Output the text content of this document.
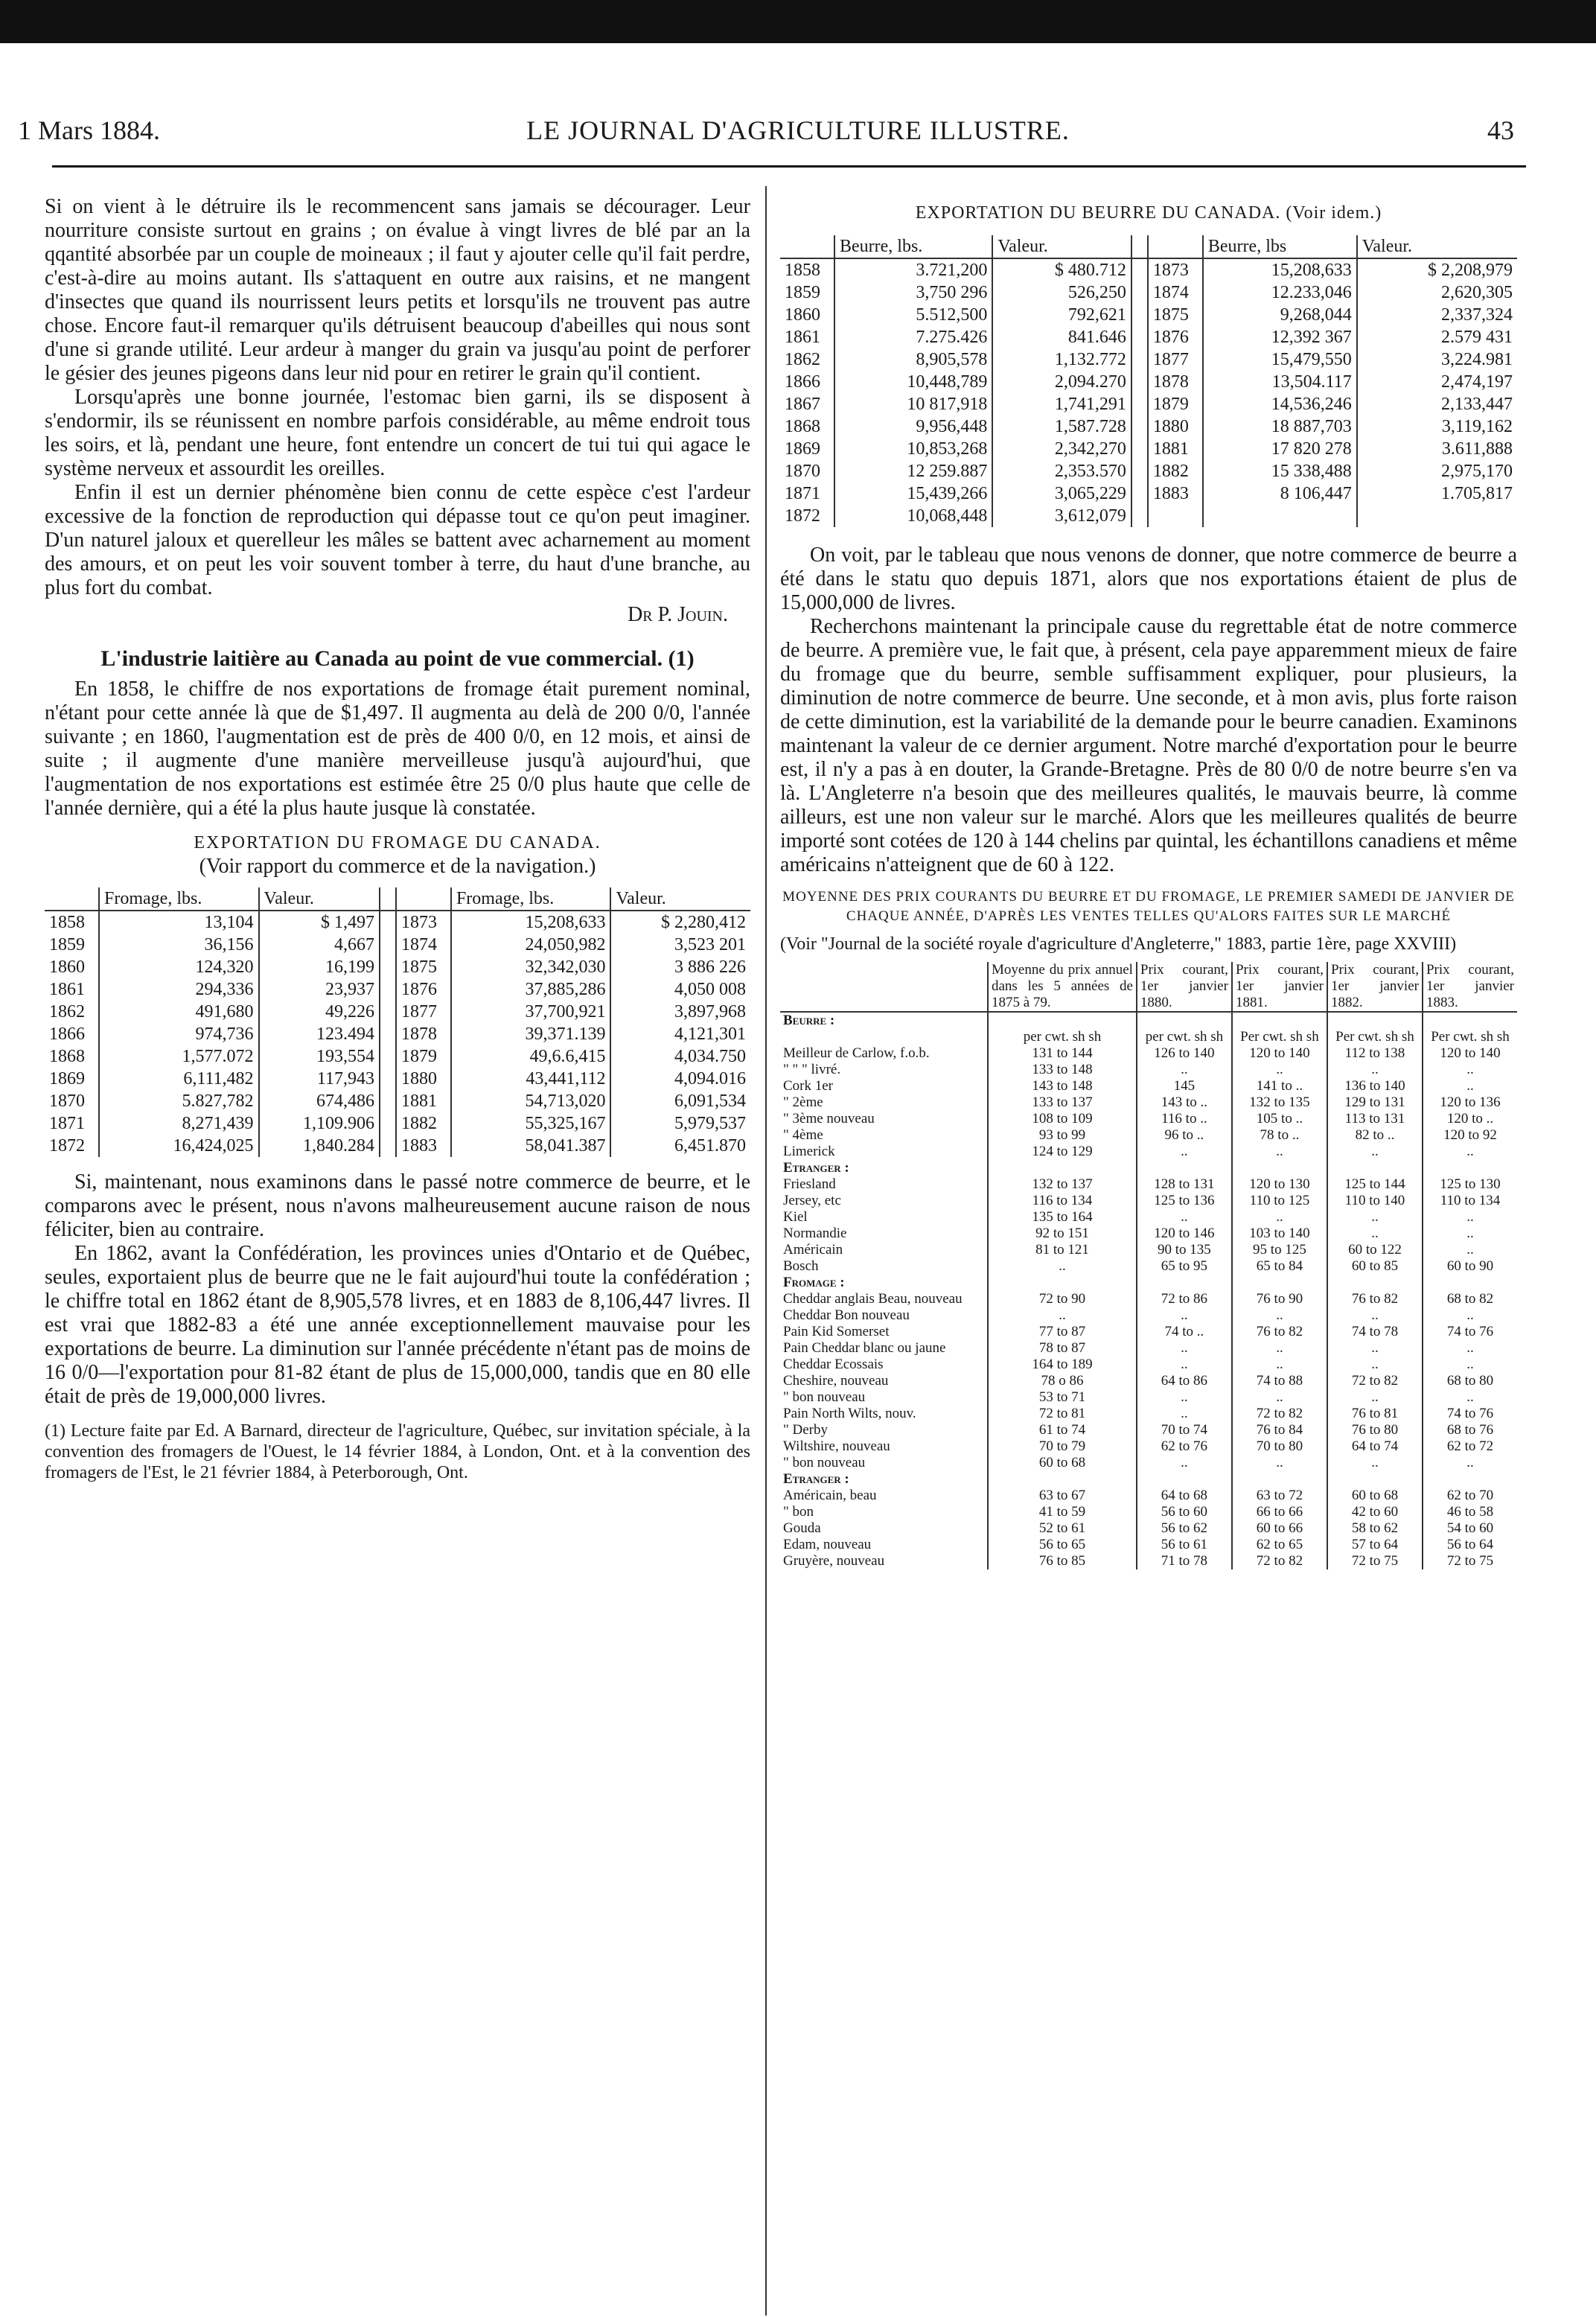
1 Mars 1884.	LE JOURNAL D'AGRICULTURE ILLUSTRE.	43

Si on vient à le détruire ils le recommencent sans jamais se décourager. Leur nourriture consiste surtout en grains ; on évalue à vingt livres de blé par an la qqantité absorbée par un couple de moineaux ; il faut y ajouter celle qu'il fait perdre, c'est-à-dire au moins autant. Ils s'attaquent en outre aux raisins, et ne mangent d'insectes que quand ils nourrissent leurs petits et lorsqu'ils ne trouvent pas autre chose. Encore faut-il remarquer qu'ils détruisent beaucoup d'abeilles qui nous sont d'une si grande utilité. Leur ardeur à manger du grain va jusqu'au point de perforer le gésier des jeunes pigeons dans leur nid pour en retirer le grain qu'il contient.

Lorsqu'après une bonne journée, l'estomac bien garni, ils se disposent à s'endormir, ils se réunissent en nombre parfois considérable, au même endroit tous les soirs, et là, pendant une heure, font entendre un concert de tui tui qui agace le système nerveux et assourdit les oreilles.

Enfin il est un dernier phénomène bien connu de cette espèce c'est l'ardeur excessive de la fonction de reproduction qui dépasse tout ce qu'on peut imaginer. D'un naturel jaloux et querelleur les mâles se battent avec acharnement au moment des amours, et on peut les voir souvent tomber à terre, du haut d'une branche, au plus fort du combat.

Dr P. Jouin.
L'industrie laitière au Canada au point de vue commercial. (1)

En 1858, le chiffre de nos exportations de fromage était purement nominal, n'étant pour cette année là que de $1,497. Il augmenta au delà de 200 0/0, l'année suivante ; en 1860, l'augmentation est de près de 400 0/0, en 12 mois, et ainsi de suite ; il augmente d'une manière merveilleuse jusqu'à aujourd'hui, que l'augmentation de nos exportations est estimée être 25 0/0 plus haute que celle de l'année dernière, qui a été la plus haute jusque là constatée.

EXPORTATION DU FROMAGE DU CANADA.
(Voir rapport du commerce et de la navigation.)
	Fromage, lbs.	Valeur.			Fromage, lbs.	Valeur.
1858	13,104	$ 1,497		1873	15,208,633	$ 2,280,412
1859	36,156	4,667		1874	24,050,982	3,523 201
1860	124,320	16,199		1875	32,342,030	3 886 226
1861	294,336	23,937		1876	37,885,286	4,050 008
1862	491,680	49,226		1877	37,700,921	3,897,968
1866	974,736	123.494		1878	39,371.139	4,121,301
1868	1,577.072	193,554		1879	49,6.6,415	4,034.750
1869	6,111,482	117,943		1880	43,441,112	4,094.016
1870	5.827,782	674,486		1881	54,713,020	6,091,534
1871	8,271,439	1,109.906		1882	55,325,167	5,979,537
1872	16,424,025	1,840.284		1883	58,041.387	6,451.870

Si, maintenant, nous examinons dans le passé notre commerce de beurre, et le comparons avec le présent, nous n'avons malheureusement aucune raison de nous féliciter, bien au contraire.

En 1862, avant la Confédération, les provinces unies d'Ontario et de Québec, seules, exportaient plus de beurre que ne le fait aujourd'hui toute la confédération ; le chiffre total en 1862 étant de 8,905,578 livres, et en 1883 de 8,106,447 livres. Il est vrai que 1882-83 a été une année exceptionnellement mauvaise pour les exportations de beurre. La diminution sur l'année précédente n'étant pas de moins de 16 0/0—l'exportation pour 81-82 étant de plus de 15,000,000, tandis que en 80 elle était de près de 19,000,000 livres.

(1) Lecture faite par Ed. A Barnard, directeur de l'agriculture, Québec, sur invitation spéciale, à la convention des fromagers de l'Ouest, le 14 février 1884, à London, Ont. et à la convention des fromagers de l'Est, le 21 février 1884, à Peterborough, Ont.
EXPORTATION DU BEURRE DU CANADA. (Voir idem.)
	Beurre, lbs.	Valeur.			Beurre, lbs	Valeur.
1858	3.721,200	$ 480.712		1873	15,208,633	$ 2,208,979
1859	3,750 296	526,250		1874	12.233,046	2,620,305
1860	5.512,500	792,621		1875	9,268,044	2,337,324
1861	7.275.426	841.646		1876	12,392 367	2.579 431
1862	8,905,578	1,132.772		1877	15,479,550	3,224.981
1866	10,448,789	2,094.270		1878	13,504.117	2,474,197
1867	10 817,918	1,741,291		1879	14,536,246	2,133,447
1868	9,956,448	1,587.728		1880	18 887,703	3,119,162
1869	10,853,268	2,342,270		1881	17 820 278	3.611,888
1870	12 259.887	2,353.570		1882	15 338,488	2,975,170
1871	15,439,266	3,065,229		1883	8 106,447	1.705,817
1872	10,068,448	3,612,079				

On voit, par le tableau que nous venons de donner, que notre commerce de beurre a été dans le statu quo depuis 1871, alors que nos exportations étaient de plus de 15,000,000 de livres.

Recherchons maintenant la principale cause du regrettable état de notre commerce de beurre. A première vue, le fait que, à présent, cela paye apparemment mieux de faire du fromage que du beurre, semble suffisamment expliquer, pour plusieurs, la diminution de notre commerce de beurre. Une seconde, et à mon avis, plus forte raison de cette diminution, est la variabilité de la demande pour le beurre canadien. Examinons maintenant la valeur de ce dernier argument. Notre marché d'exportation pour le beurre est, il n'y a pas à en douter, la Grande-Bretagne. Près de 80 0/0 de notre beurre s'en va là. L'Angleterre n'a besoin que des meilleures qualités, le mauvais beurre, là comme ailleurs, est une non valeur sur le marché. Alors que les meilleures qualités de beurre importé sont cotées de 120 à 144 chelins par quintal, les échantillons canadiens et même américains n'atteignent que de 60 à 122.

MOYENNE DES PRIX COURANTS DU BEURRE ET DU FROMAGE, LE PREMIER SAMEDI DE JANVIER DE CHAQUE ANNÉE, D'APRÈS LES VENTES TELLES QU'ALORS FAITES SUR LE MARCHÉ
(Voir "Journal de la société royale d'agriculture d'Angleterre," 1883, partie 1ère, page XXVIII)
	Moyenne du prix annuel dans les 5 années de 1875 à 79.	Prix courant, 1er janvier 1880.	Prix courant, 1er janvier 1881.	Prix courant, 1er janvier 1882.	Prix courant, 1er janvier 1883.
Beurre :					
	per cwt. sh sh	per cwt. sh sh	Per cwt. sh sh	Per cwt. sh sh	Per cwt. sh sh
Meilleur de Carlow, f.o.b.	131 to 144	126 to 140	120 to 140	112 to 138	120 to 140
" " " livré.	133 to 148	..	..	..	..
Cork 1er	143 to 148	145	141 to ..	136 to 140	..
" 2ème	133 to 137	143 to ..	132 to 135	129 to 131	120 to 136
" 3ème nouveau	108 to 109	116 to ..	105 to ..	113 to 131	120 to ..
" 4ème	93 to 99	96 to ..	78 to ..	82 to ..	120 to 92
Limerick	124 to 129	..	..	..	..
Etranger :					
Friesland	132 to 137	128 to 131	120 to 130	125 to 144	125 to 130
Jersey, etc	116 to 134	125 to 136	110 to 125	110 to 140	110 to 134
Kiel	135 to 164	..	..	..	..
Normandie	92 to 151	120 to 146	103 to 140	..	..
Américain	81 to 121	90 to 135	95 to 125	60 to 122	..
Bosch	..	65 to 95	65 to 84	60 to 85	60 to 90
Fromage :					
Cheddar anglais Beau, nouveau	72 to 90	72 to 86	76 to 90	76 to 82	68 to 82
Cheddar Bon nouveau	..	..	..	..	..
Pain Kid Somerset	77 to 87	74 to ..	76 to 82	74 to 78	74 to 76
Pain Cheddar blanc ou jaune	78 to 87	..	..	..	..
Cheddar Ecossais	164 to 189	..	..	..	..
Cheshire, nouveau	78 o 86	64 to 86	74 to 88	72 to 82	68 to 80
" bon nouveau	53 to 71	..	..	..	..
Pain North Wilts, nouv.	72 to 81	..	72 to 82	76 to 81	74 to 76
" Derby	61 to 74	70 to 74	76 to 84	76 to 80	68 to 76
Wiltshire, nouveau	70 to 79	62 to 76	70 to 80	64 to 74	62 to 72
" bon nouveau	60 to 68	..	..	..	..
Etranger :					
Américain, beau	63 to 67	64 to 68	63 to 72	60 to 68	62 to 70
" bon	41 to 59	56 to 60	66 to 66	42 to 60	46 to 58
Gouda	52 to 61	56 to 62	60 to 66	58 to 62	54 to 60
Edam, nouveau	56 to 65	56 to 61	62 to 65	57 to 64	56 to 64
Gruyère, nouveau	76 to 85	71 to 78	72 to 82	72 to 75	72 to 75
